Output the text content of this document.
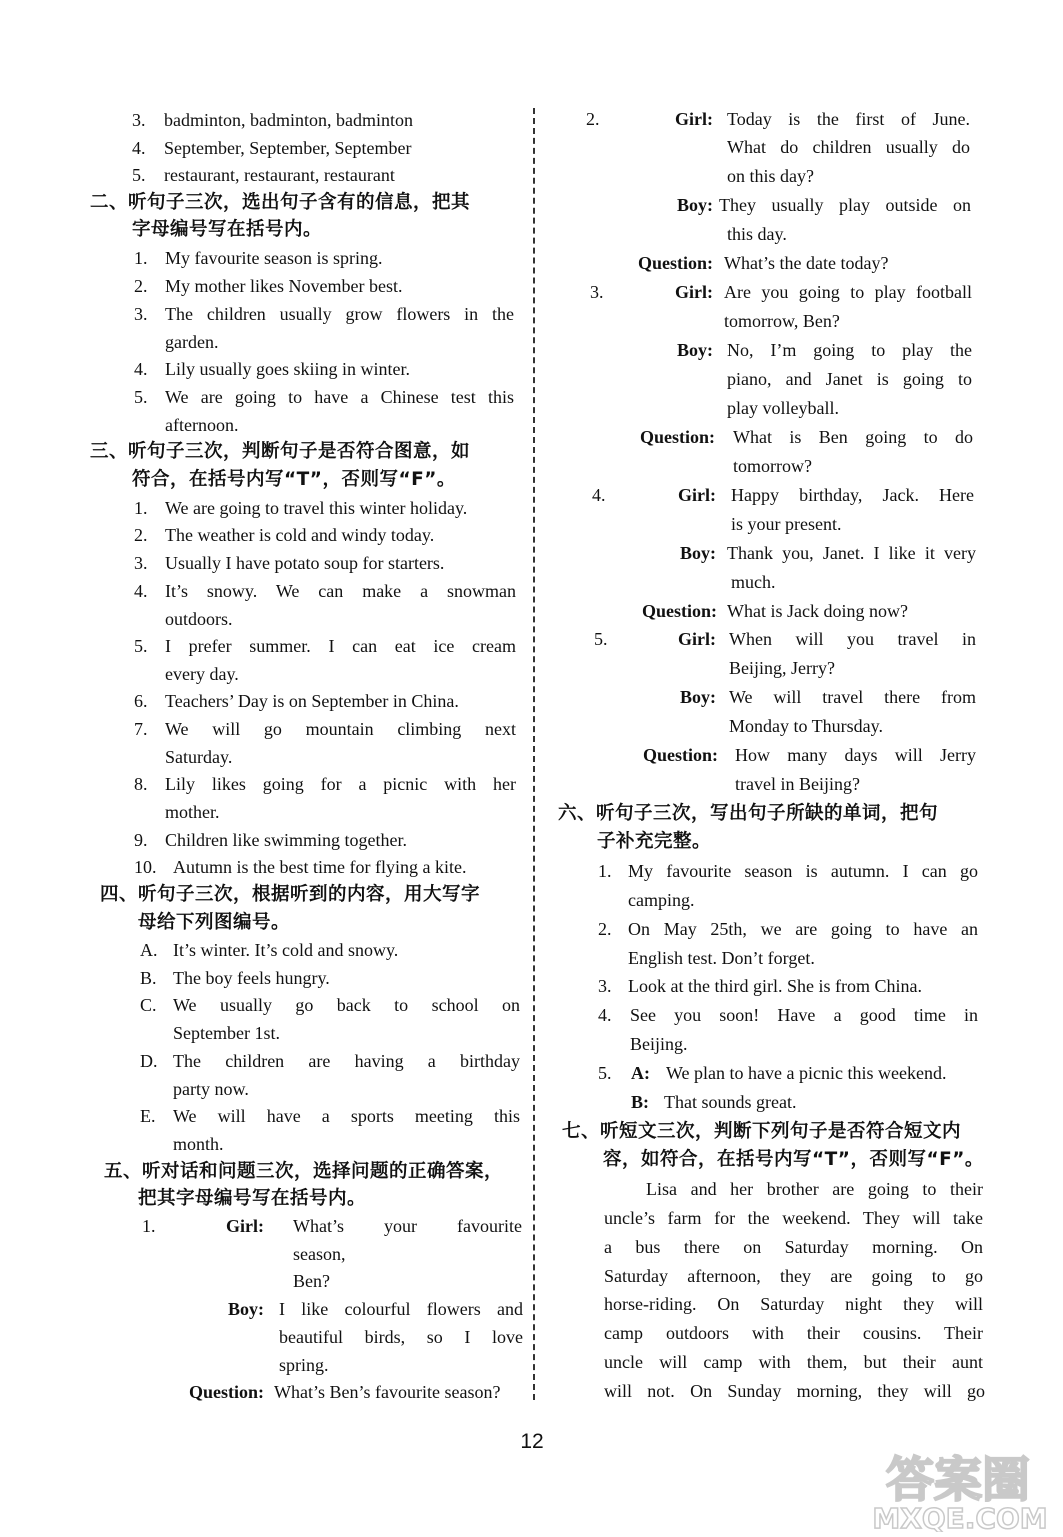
3. badminton, badminton, badminton
4. September, September, September
5. restaurant, restaurant, restaurant
二、听句子三次，选出句子含有的信息，把其
字母编号写在括号内。
1. My favourite season is spring.
2. My mother likes November best.
3. The children usually grow flowers in the
garden.
4. Lily usually goes skiing in winter.
5. We are going to have a Chinese test this
afternoon.
三、听句子三次，判断句子是否符合图意，如
符合，在括号内写“T”，否则写“F”。
1. We are going to travel this winter holiday.
2. The weather is cold and windy today.
3. Usually I have potato soup for starters.
4. It’s snowy. We can make a snowman
outdoors.
5. I prefer summer. I can eat ice cream
every day.
6. Teachers’ Day is on September in China.
7. We will go mountain climbing next
Saturday.
8. Lily likes going for a picnic with her
mother.
9. Children like swimming together.
10. Autumn is the best time for flying a kite.
四、听句子三次，根据听到的内容，用大写字
母给下列图编号。
A. It’s winter. It’s cold and snowy.
B. The boy feels hungry.
C. We usually go back to school on
September 1st.
D. The children are having a birthday
party now.
E. We will have a sports meeting this
month.
五、听对话和问题三次，选择问题的正确答案，
把其字母编号写在括号内。
1.	Girl: What’s your favourite
season,
Ben?
Boy: I like colourful flowers and
beautiful birds, so I love
spring.
Question: What’s Ben’s favourite season?
2.	Girl: Today is the first of June.
What do children usually do
on this day?
Boy: They usually play outside on
this day.
Question: What’s the date today?
3.	Girl: Are you going to play football
tomorrow, Ben?
Boy: No, I’m going to play the
piano, and Janet is going to
play volleyball.
Question: What is Ben going to do
tomorrow?
4.	Girl: Happy birthday, Jack. Here
is your present.
Boy: Thank you, Janet. I like it very
much.
Question: What is Jack doing now?
5.	Girl: When will you travel in
Beijing, Jerry?
Boy: We will travel there from
Monday to Thursday.
Question: How many days will Jerry
travel in Beijing?
六、听句子三次，写出句子所缺的单词，把句
子补充完整。
1. My favourite season is autumn. I can go
camping.
2. On May 25th, we are going to have an
English test. Don’t forget.
3. Look at the third girl. She is from China.
4. See you soon! Have a good time in
Beijing.
5. A: We plan to have a picnic this weekend.
B: That sounds great.
七、听短文三次，判断下列句子是否符合短文内
容，如符合，在括号内写“T”，否则写“F”。
Lisa and her brother are going to their
uncle’s farm for the weekend. They will take
a bus there on Saturday morning. On
Saturday afternoon, they are going to go
horse-riding. On Saturday night they will
camp outdoors with their cousins. Their
uncle will camp with them, but their aunt
will not. On Sunday morning, they will go
12
答案圈
MXQE.COM
